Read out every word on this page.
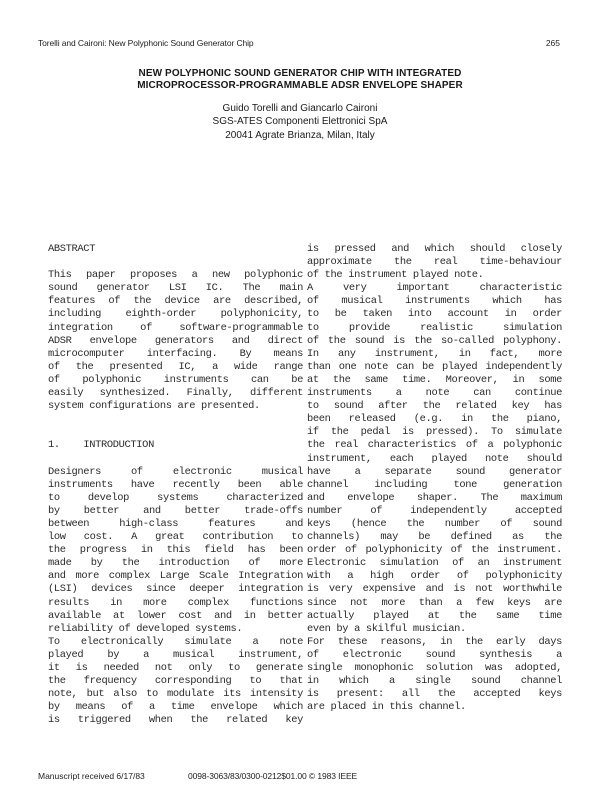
Torelli and Caironi: New Polyphonic Sound Generator Chip	265
NEW POLYPHONIC SOUND GENERATOR CHIP WITH INTEGRATED
MICROPROCESSOR-PROGRAMMABLE ADSR ENVELOPE SHAPER
Guido Torelli and Giancarlo Caironi
SGS-ATES Componenti Elettronici SpA
20041 Agrate Brianza, Milan, Italy
ABSTRACT
This paper proposes a new polyphonic
sound generator LSI IC. The main
features of the device are described,
including eighth-order polyphonicity,
integration of software-programmable
ADSR envelope generators and direct
microcomputer interfacing. By means
of the presented IC, a wide range
of polyphonic instruments can be
easily synthesized. Finally, different
system configurations are presented.
1. INTRODUCTION
Designers of electronic musical
instruments have recently been able
to develop systems characterized
by better and better trade-offs
between high-class features and
low cost. A great contribution to
the progress in this field has been
made by the introduction of more
and more complex Large Scale Integration
(LSI) devices since deeper integration
results in more complex functions
available at lower cost and in better
reliability of developed systems.
To electronically simulate a note
played by a musical instrument,
it is needed not only to generate
the frequency corresponding to that
note, but also to modulate its intensity
by means of a time envelope which
is triggered when the related key
is pressed and which should closely
approximate the real time-behaviour
of the instrument played note.
A very important characteristic
of musical instruments which has
to be taken into account in order
to provide realistic simulation
of the sound is the so-called polyphony.
In any instrument, in fact, more
than one note can be played independently
at the same time. Moreover, in some
instruments a note can continue
to sound after the related key has
been released (e.g. in the piano,
if the pedal is pressed). To simulate
the real characteristics of a polyphonic
instrument, each played note should
have a separate sound generator
channel including tone generation
and envelope shaper. The maximum
number of independently accepted
keys (hence the number of sound
channels) may be defined as the
order of polyphonicity of the instrument.
Electronic simulation of an instrument
with a high order of polyphonicity
is very expensive and is not worthwhile
since not more than a few keys are
actually played at the same time
even by a skilful musician.
For these reasons, in the early days
of electronic sound synthesis a
single monophonic solution was adopted,
in which a single sound channel
is present: all the accepted keys
are placed in this channel.
Manuscript received 6/17/83	0098-3063/83/0300-0212$01.00 © 1983 IEEE
